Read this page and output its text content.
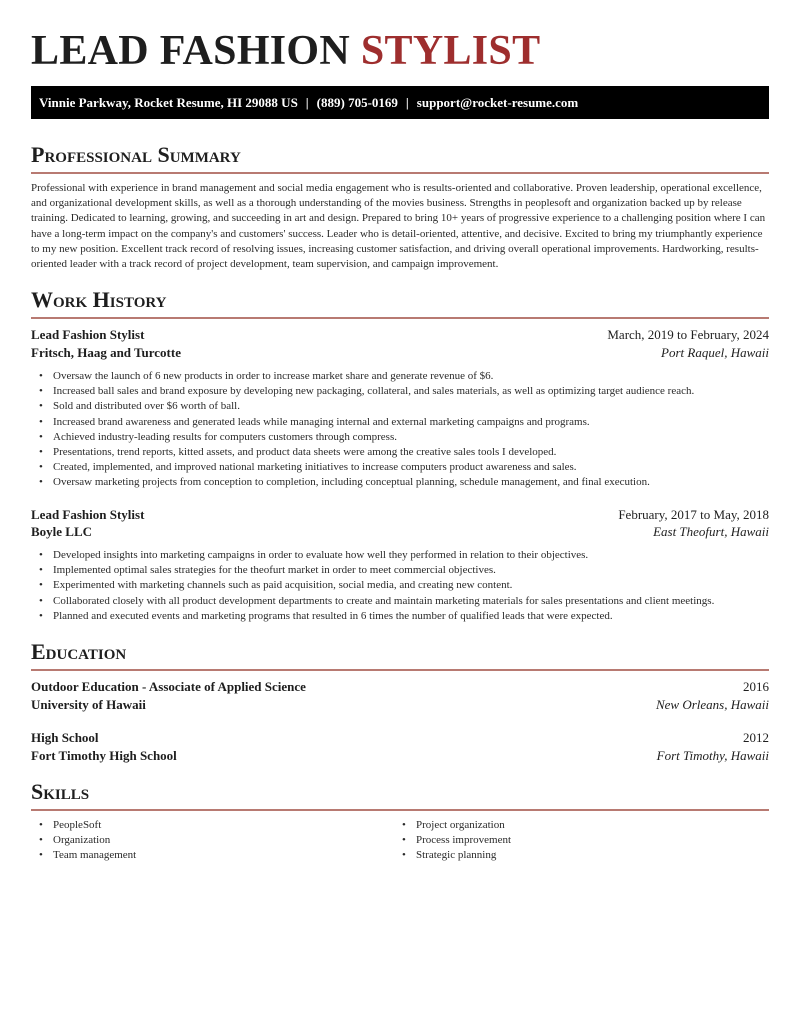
LEAD FASHION STYLIST
Vinnie Parkway, Rocket Resume, HI 29088 US | (889) 705-0169 | support@rocket-resume.com
Professional Summary

Professional with experience in brand management and social media engagement who is results-oriented and collaborative. Proven leadership, operational excellence, and organizational development skills, as well as a thorough understanding of the movies business. Strengths in peoplesoft and organization backed up by release training. Dedicated to learning, growing, and succeeding in art and design. Prepared to bring 10+ years of progressive experience to a challenging position where I can have a long-term impact on the company's and customers' success. Leader who is detail-oriented, attentive, and decisive. Excited to bring my triumphantly experience to my new position. Excellent track record of resolving issues, increasing customer satisfaction, and driving overall operational improvements. Hardworking, results-oriented leader with a track record of project development, team supervision, and campaign improvement.

Work History
Lead Fashion Stylist	March, 2019 to February, 2024
Fritsch, Haag and Turcotte	Port Raquel, Hawaii
• Oversaw the launch of 6 new products in order to increase market share and generate revenue of $6.
• Increased ball sales and brand exposure by developing new packaging, collateral, and sales materials, as well as optimizing target audience reach.
• Sold and distributed over $6 worth of ball.
• Increased brand awareness and generated leads while managing internal and external marketing campaigns and programs.
• Achieved industry-leading results for computers customers through compress.
• Presentations, trend reports, kitted assets, and product data sheets were among the creative sales tools I developed.
• Created, implemented, and improved national marketing initiatives to increase computers product awareness and sales.
• Oversaw marketing projects from conception to completion, including conceptual planning, schedule management, and final execution.
Lead Fashion Stylist	February, 2017 to May, 2018
Boyle LLC	East Theofurt, Hawaii
• Developed insights into marketing campaigns in order to evaluate how well they performed in relation to their objectives.
• Implemented optimal sales strategies for the theofurt market in order to meet commercial objectives.
• Experimented with marketing channels such as paid acquisition, social media, and creating new content.
• Collaborated closely with all product development departments to create and maintain marketing materials for sales presentations and client meetings.
• Planned and executed events and marketing programs that resulted in 6 times the number of qualified leads that were expected.
Education
Outdoor Education - Associate of Applied Science	2016
University of Hawaii	New Orleans, Hawaii
High School	2012
Fort Timothy High School	Fort Timothy, Hawaii
Skills
• PeopleSoft
• Organization
• Team management
• Project organization
• Process improvement
• Strategic planning
